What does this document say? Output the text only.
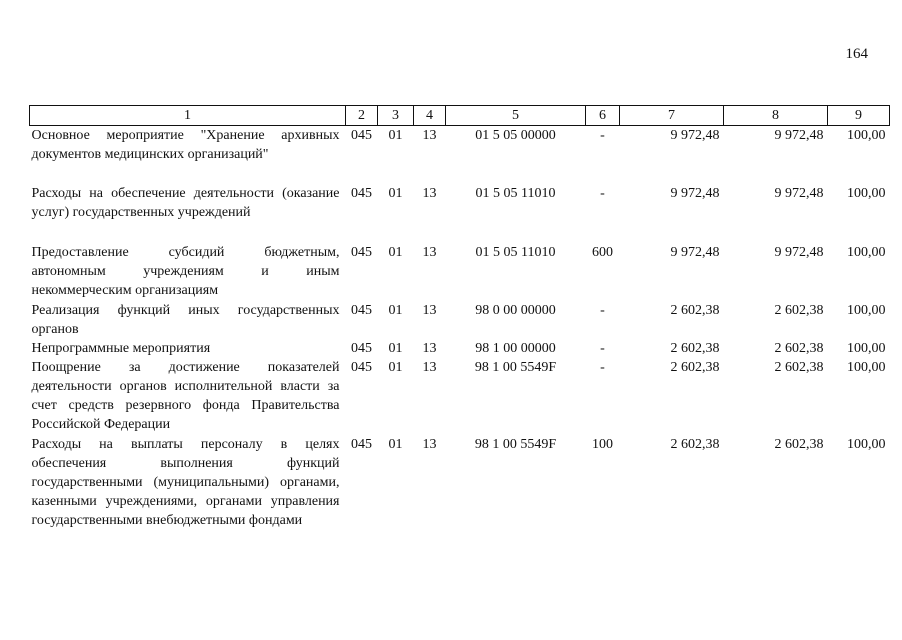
164
1	2	3	4	5	6	7	8	9
Основное мероприятие "Хранение архивных документов медицинских организаций"	045	01	13	01 5 05 00000	-	9 972,48	9 972,48	100,00
Расходы на обеспечение деятельности (оказание услуг) государственных учреждений	045	01	13	01 5 05 11010	-	9 972,48	9 972,48	100,00
Предоставление субсидий бюджетным, автономным учреждениям и иным некоммерческим организациям	045	01	13	01 5 05 11010	600	9 972,48	9 972,48	100,00
Реализация функций иных государственных органов	045	01	13	98 0 00 00000	-	2 602,38	2 602,38	100,00
Непрограммные мероприятия	045	01	13	98 1 00 00000	-	2 602,38	2 602,38	100,00
Поощрение за достижение показателей деятельности органов исполнительной власти за счет средств резервного фонда Правительства Российской Федерации	045	01	13	98 1 00 5549F	-	2 602,38	2 602,38	100,00
Расходы на выплаты персоналу в целях обеспечения выполнения функций государственными (муниципальными) органами, казенными учреждениями, органами управления государственными внебюджетными фондами	045	01	13	98 1 00 5549F	100	2 602,38	2 602,38	100,00
